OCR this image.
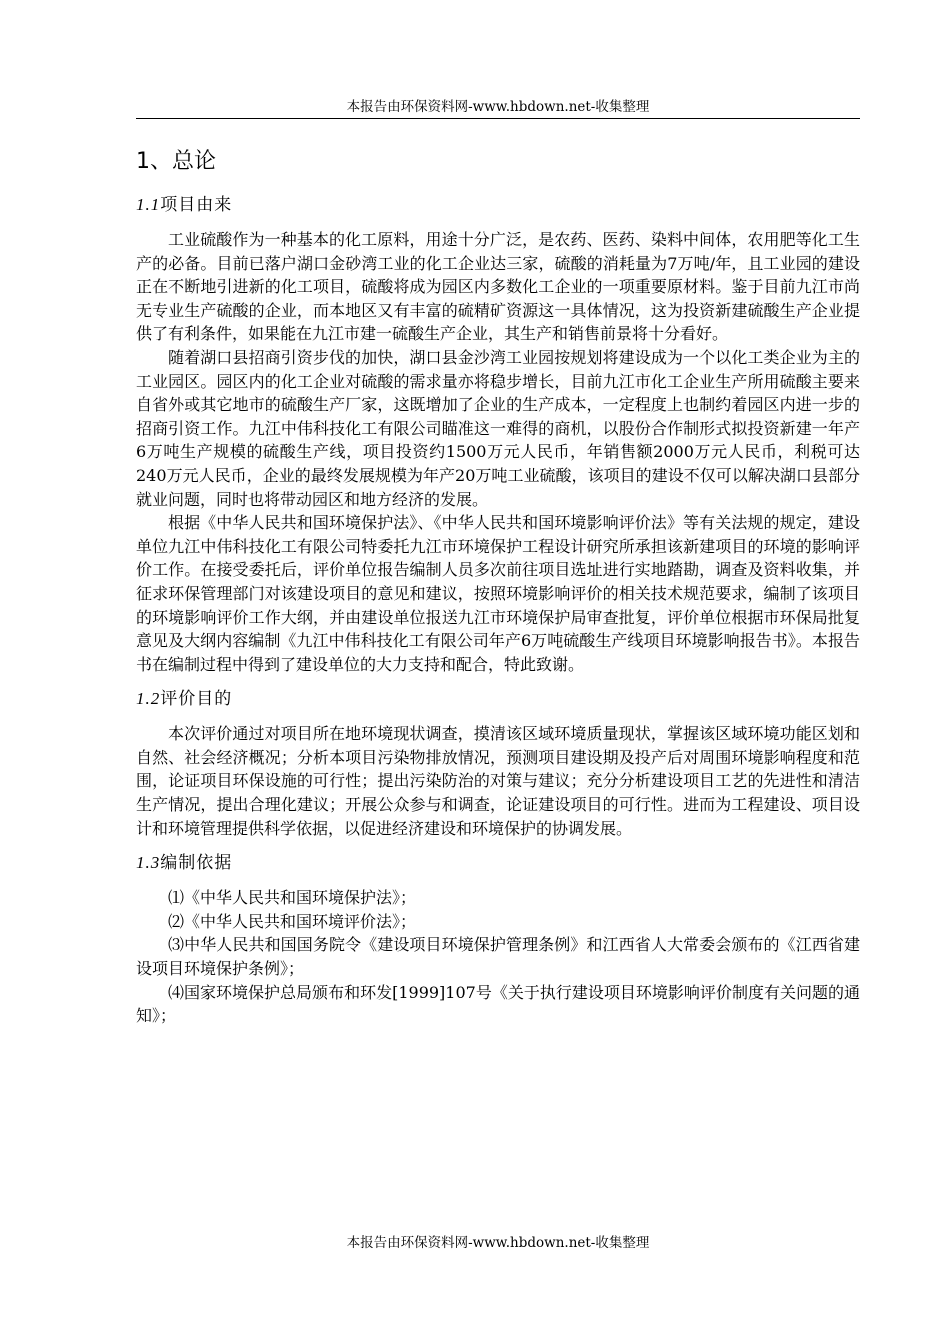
本报告由环保资料网-www.hbdown.net-收集整理
1、总论
1.1项目由来

工业硫酸作为一种基本的化工原料，用途十分广泛，是农药、医药、染料中间体，农用肥等化工生产的必备。目前已落户湖口金砂湾工业的化工企业达三家，硫酸的消耗量为7万吨/年，且工业园的建设正在不断地引进新的化工项目，硫酸将成为园区内多数化工企业的一项重要原材料。鉴于目前九江市尚无专业生产硫酸的企业，而本地区又有丰富的硫精矿资源这一具体情况，这为投资新建硫酸生产企业提供了有利条件，如果能在九江市建一硫酸生产企业，其生产和销售前景将十分看好。

随着湖口县招商引资步伐的加快，湖口县金沙湾工业园按规划将建设成为一个以化工类企业为主的工业园区。园区内的化工企业对硫酸的需求量亦将稳步增长，目前九江市化工企业生产所用硫酸主要来自省外或其它地市的硫酸生产厂家，这既增加了企业的生产成本，一定程度上也制约着园区内进一步的招商引资工作。九江中伟科技化工有限公司瞄准这一难得的商机，以股份合作制形式拟投资新建一年产6万吨生产规模的硫酸生产线，项目投资约1500万元人民币，年销售额2000万元人民币，利税可达240万元人民币，企业的最终发展规模为年产20万吨工业硫酸，该项目的建设不仅可以解决湖口县部分就业问题，同时也将带动园区和地方经济的发展。

根据《中华人民共和国环境保护法》、《中华人民共和国环境影响评价法》等有关法规的规定，建设单位九江中伟科技化工有限公司特委托九江市环境保护工程设计研究所承担该新建项目的环境的影响评价工作。在接受委托后，评价单位报告编制人员多次前往项目选址进行实地踏勘，调查及资料收集，并征求环保管理部门对该建设项目的意见和建议，按照环境影响评价的相关技术规范要求，编制了该项目的环境影响评价工作大纲，并由建设单位报送九江市环境保护局审查批复，评价单位根据市环保局批复意见及大纲内容编制《九江中伟科技化工有限公司年产6万吨硫酸生产线项目环境影响报告书》。本报告书在编制过程中得到了建设单位的大力支持和配合，特此致谢。

1.2评价目的

本次评价通过对项目所在地环境现状调查，摸清该区域环境质量现状，掌握该区域环境功能区划和自然、社会经济概况；分析本项目污染物排放情况，预测项目建设期及投产后对周围环境影响程度和范围，论证项目环保设施的可行性；提出污染防治的对策与建议；充分分析建设项目工艺的先进性和清洁生产情况，提出合理化建议；开展公众参与和调查，论证建设项目的可行性。进而为工程建设、项目设计和环境管理提供科学依据，以促进经济建设和环境保护的协调发展。

1.3编制依据

⑴《中华人民共和国环境保护法》；

⑵《中华人民共和国环境评价法》；

⑶中华人民共和国国务院令《建设项目环境保护管理条例》和江西省人大常委会颁布的《江西省建设项目环境保护条例》；

⑷国家环境保护总局颁布和环发[1999]107号《关于执行建设项目环境影响评价制度有关问题的通知》；

本报告由环保资料网-www.hbdown.net-收集整理
